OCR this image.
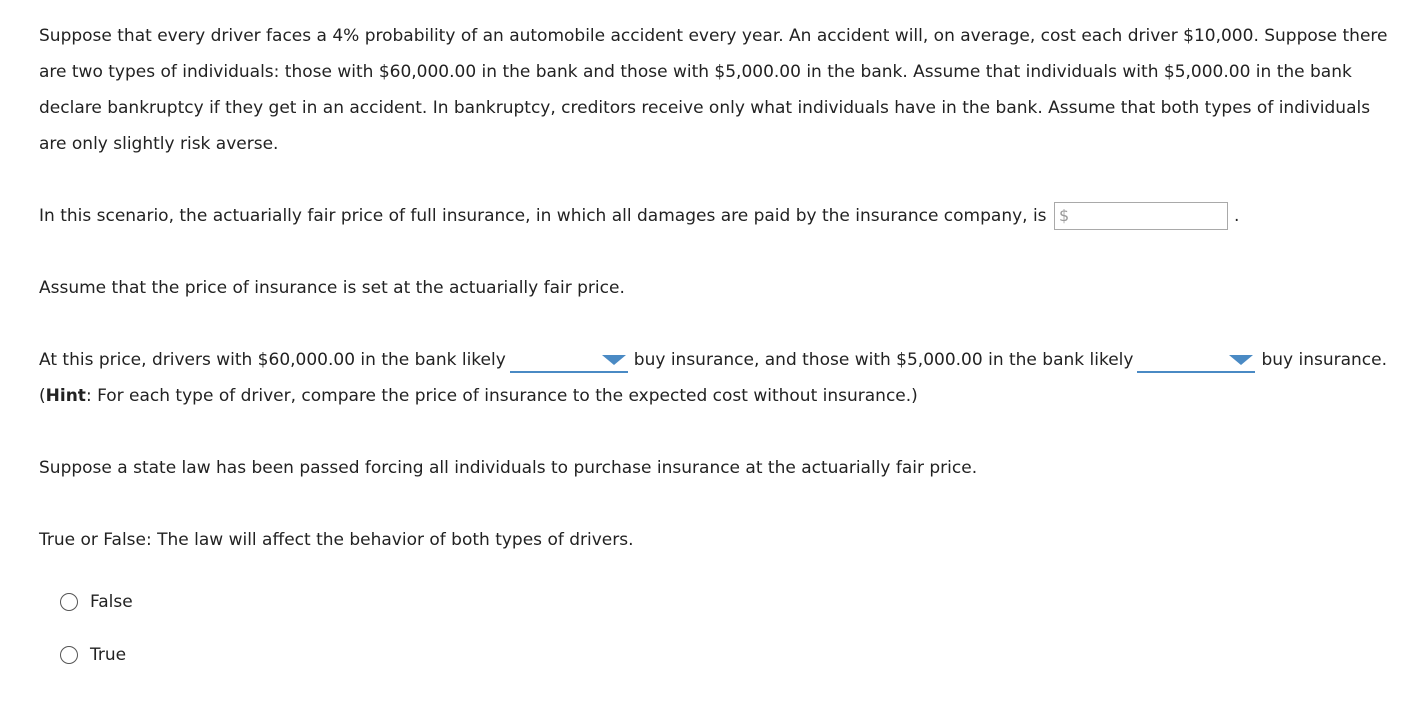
Suppose that every driver faces a 4% probability of an automobile accident every year. An accident will, on average, cost each driver $10,000. Suppose there are two types of individuals: those with $60,000.00 in the bank and those with $5,000.00 in the bank. Assume that individuals with $5,000.00 in the bank declare bankruptcy if they get in an accident. In bankruptcy, creditors receive only what individuals have in the bank. Assume that both types of individuals are only slightly risk averse.

In this scenario, the actuarially fair price of full insurance, in which all damages are paid by the insurance company, is $	.

Assume that the price of insurance is set at the actuarially fair price.

At this price, drivers with $60,000.00 in the bank likely	buy insurance, and those with $5,000.00 in the bank likely	buy insurance. (Hint: For each type of driver, compare the price of insurance to the expected cost without insurance.)

Suppose a state law has been passed forcing all individuals to purchase insurance at the actuarially fair price.

True or False: The law will affect the behavior of both types of drivers.

False
True
